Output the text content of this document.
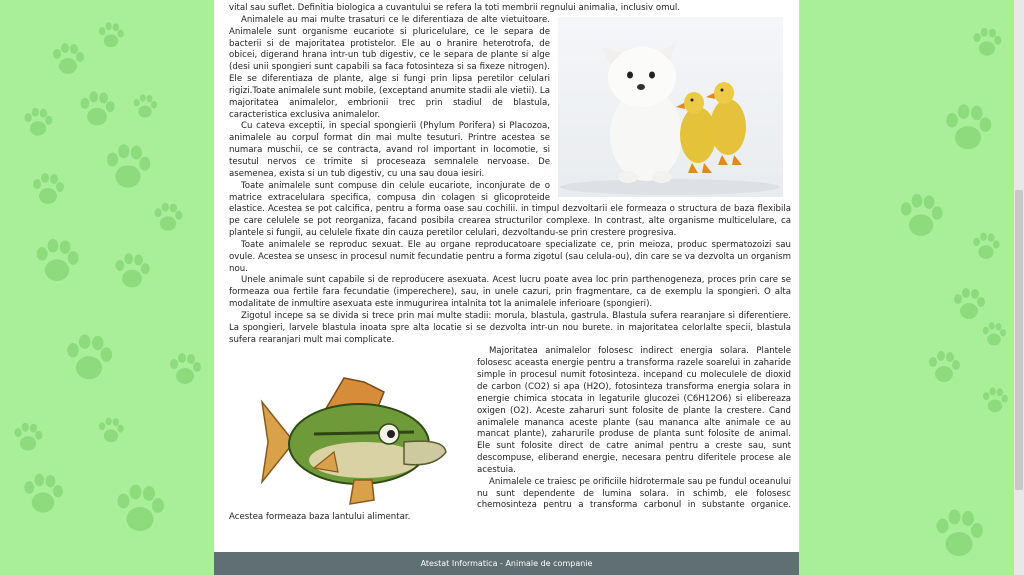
vital sau suflet. Definitia biologica a cuvantului se refera la toti membrii regnului animalia, inclusiv omul.

Animalele au mai multe trasaturi ce le diferentiaza de alte vietuitoare. Animalele sunt organisme eucariote si pluricelulare, ce le separa de bacterii si de majoritatea protistelor. Ele au o hranire heterotrofa, de obicei, digerand hrana intr-un tub digestiv, ce le separa de plante si alge (desi unii spongieri sunt capabili sa faca fotosinteza si sa fixeze nitrogen). Ele se diferentiaza de plante, alge si fungi prin lipsa peretilor celulari rigizi.Toate animalele sunt mobile, (exceptand anumite stadii ale vietii). La majoritatea animalelor, embrionii trec prin stadiul de blastula, caracteristica exclusiva animalelor.

Cu cateva exceptii, in special spongierii (Phylum Porifera) si Placozoa, animalele au corpul format din mai multe tesuturi. Printre acestea se numara muschii, ce se contracta, avand rol important in locomotie, si tesutul nervos ce trimite si proceseaza semnalele nervoase. De asemenea, exista si un tub digestiv, cu una sau doua iesiri.

Toate animalele sunt compuse din celule eucariote, inconjurate de o matrice extracelulara specifica, compusa din colagen si glicoproteide elastice. Acestea se pot calcifica, pentru a forma oase sau cochilii. in timpul dezvoltarii ele formeaza o structura de baza flexibila pe care celulele se pot reorganiza, facand posibila crearea structurilor complexe. In contrast, alte organisme multicelulare, ca plantele si fungii, au celulele fixate din cauza peretilor celulari, dezvoltandu-se prin crestere progresiva.

Toate animalele se reproduc sexuat. Ele au organe reproducatoare specializate ce, prin meioza, produc spermatozoizi sau ovule. Acestea se unsesc in procesul numit fecundatie pentru a forma zigotul (sau celula-ou), din care se va dezvolta un organism nou.

Unele animale sunt capabile si de reproducere asexuata. Acest lucru poate avea loc prin parthenogeneza, proces prin care se formeaza oua fertile fara fecundatie (imperechere), sau, in unele cazuri, prin fragmentare, ca de exemplu la spongieri. O alta modalitate de inmultire asexuata este inmugurirea intalnita tot la animalele inferioare (spongieri).

Zigotul incepe sa se divida si trece prin mai multe stadii: morula, blastula, gastrula. Blastula sufera rearanjare si diferentiere. La spongieri, larvele blastula inoata spre alta locatie si se dezvolta intr-un nou burete. in majoritatea celorlalte specii, blastula sufera rearanjari mult mai complicate.

Majoritatea animalelor folosesc indirect energia solara. Plantele folosesc aceasta energie pentru a transforma razele soarelui in zaharide simple in procesul numit fotosinteza. incepand cu moleculele de dioxid de carbon (CO2) si apa (H2O), fotosinteza transforma energia solara in energie chimica stocata in legaturile glucozei (C6H12O6) si elibereaza oxigen (O2). Aceste zaharuri sunt folosite de plante la crestere. Cand animalele mananca aceste plante (sau mananca alte animale ce au mancat plante), zaharurile produse de planta sunt folosite de animal. Ele sunt folosite direct de catre animal pentru a creste sau, sunt descompuse, eliberand energie, necesara pentru diferitele procese ale acestuia.

Animalele ce traiesc pe orificiile hidrotermale sau pe fundul oceanului nu sunt dependente de lumina solara. in schimb, ele folosesc chemosinteza pentru a transforma carbonul in substante organice. Acestea formeaza baza lantului alimentar.

Atestat Informatica - Animale de companie
